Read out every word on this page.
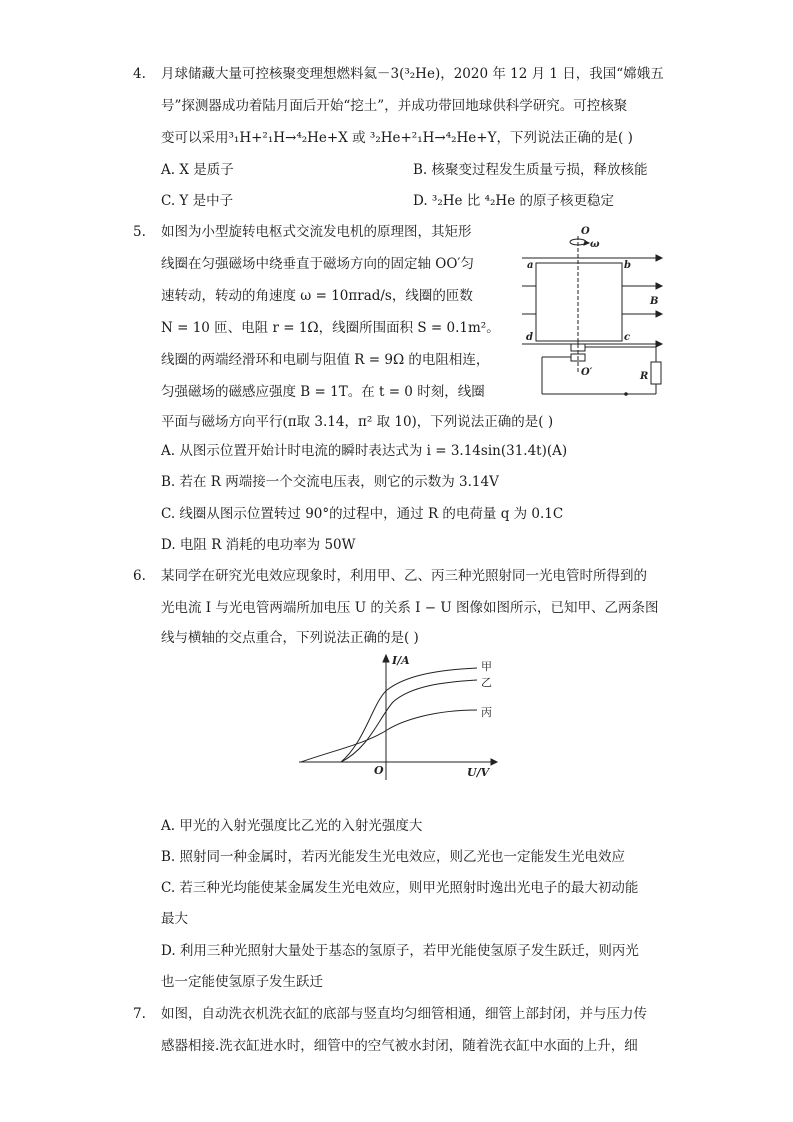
4. 月球储藏大量可控核聚变理想燃料氦－3(³₂He)，2020 年 12 月 1 日，我国“嫦娥五
号”探测器成功着陆月面后开始“挖土”，并成功带回地球供科学研究。可控核聚
变可以采用³₁H+²₁H→⁴₂He+X 或 ³₂He+²₁H→⁴₂He+Y，下列说法正确的是( )
A. X 是质子	B. 核聚变过程发生质量亏损，释放核能
C. Y 是中子	D. ³₂He 比 ⁴₂He 的原子核更稳定
5. 如图为小型旋转电枢式交流发电机的原理图，其矩形
线圈在匀强磁场中绕垂直于磁场方向的固定轴 OO′匀
速转动，转动的角速度 ω = 10πrad/s，线圈的匝数
N = 10 匝、电阻 r = 1Ω，线圈所围面积 S = 0.1m²。
线圈的两端经滑环和电刷与阻值 R = 9Ω 的电阻相连，
匀强磁场的磁感应强度 B = 1T。在 t = 0 时刻，线圈
平面与磁场方向平行(π取 3.14，π² 取 10)，下列说法正确的是( )
A. 从图示位置开始计时电流的瞬时表达式为 i = 3.14sin(31.4t)(A)
B. 若在 R 两端接一个交流电压表，则它的示数为 3.14V
C. 线圈从图示位置转过 90°的过程中，通过 R 的电荷量 q 为 0.1C
D. 电阻 R 消耗的电功率为 50W
O
ω
a	b
c
d
B
O′	R
6. 某同学在研究光电效应现象时，利用甲、乙、丙三种光照射同一光电管时所得到的
光电流 I 与光电管两端所加电压 U 的关系 I − U 图像如图所示，已知甲、乙两条图
线与横轴的交点重合，下列说法正确的是( )
I/A
U/V
O
甲
乙
丙
A. 甲光的入射光强度比乙光的入射光强度大
B. 照射同一种金属时，若丙光能发生光电效应，则乙光也一定能发生光电效应
C. 若三种光均能使某金属发生光电效应，则甲光照射时逸出光电子的最大初动能
最大
D. 利用三种光照射大量处于基态的氢原子，若甲光能使氢原子发生跃迁，则丙光
也一定能使氢原子发生跃迁
7. 如图，自动洗衣机洗衣缸的底部与竖直均匀细管相通，细管上部封闭，并与压力传
感器相接.洗衣缸进水时，细管中的空气被水封闭，随着洗衣缸中水面的上升，细
